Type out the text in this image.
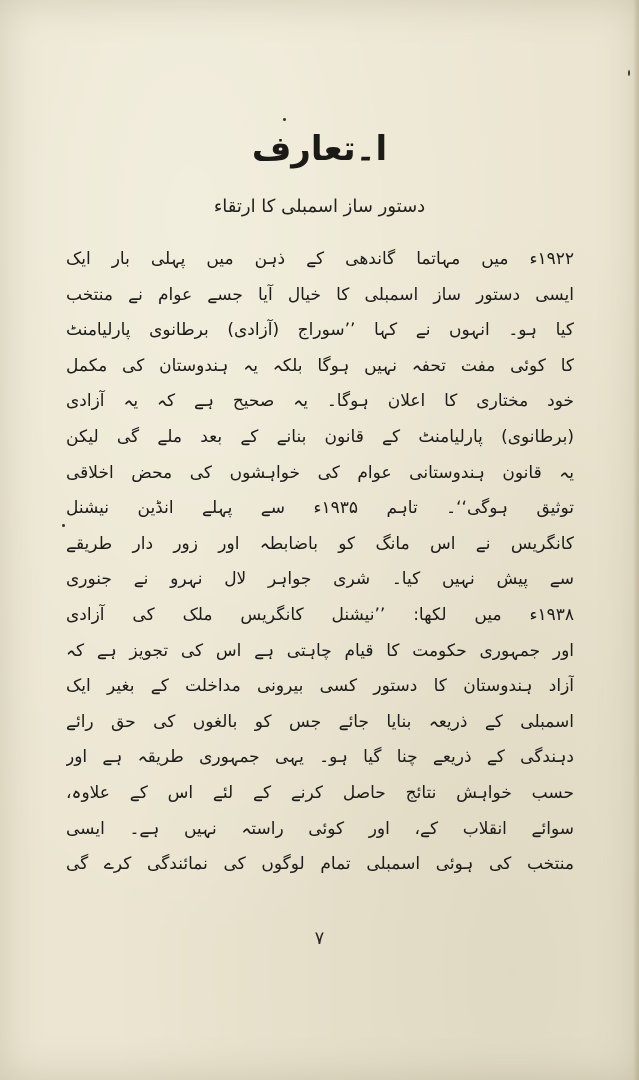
ا۔تعارف
دستور ساز اسمبلی کا ارتقاء
۱۹۲۲ء میں مہاتما گاندھی کے ذہن میں پہلی بار ایک
ایسی دستور ساز اسمبلی کا خیال آیا جسے عوام نے منتخب
کیا ہو۔ انہوں نے کہا ’’سوراج (آزادی) برطانوی پارلیامنٹ
کا کوئی مفت تحفہ نہیں ہوگا بلکہ یہ ہندوستان کی مکمل
خود مختاری کا اعلان ہوگا۔ یہ صحیح ہے کہ یہ آزادی
(برطانوی) پارلیامنٹ کے قانون بنانے کے بعد ملے گی لیکن
یہ قانون ہندوستانی عوام کی خواہشوں کی محض اخلاقی
توثیق ہوگی‘‘۔ تاہم ۱۹۳۵ء سے پہلے انڈین نیشنل
کانگریس نے اس مانگ کو باضابطہ اور زور دار طریقے
سے پیش نہیں کیا۔ شری جواہر لال نہرو نے جنوری
۱۹۳۸ء میں لکھا: ’’نیشنل کانگریس ملک کی آزادی
اور جمہوری حکومت کا قیام چاہتی ہے اس کی تجویز ہے کہ
آزاد ہندوستان کا دستور کسی بیرونی مداخلت کے بغیر ایک
اسمبلی کے ذریعہ بنایا جائے جس کو بالغوں کی حق رائے
دہندگی کے ذریعے چنا گیا ہو۔ یہی جمہوری طریقہ ہے اور
حسب خواہش نتائج حاصل کرنے کے لئے اس کے علاوہ،
سوائے انقلاب کے، اور کوئی راستہ نہیں ہے۔ ایسی
منتخب کی ہوئی اسمبلی تمام لوگوں کی نمائندگی کرے گی
۷
